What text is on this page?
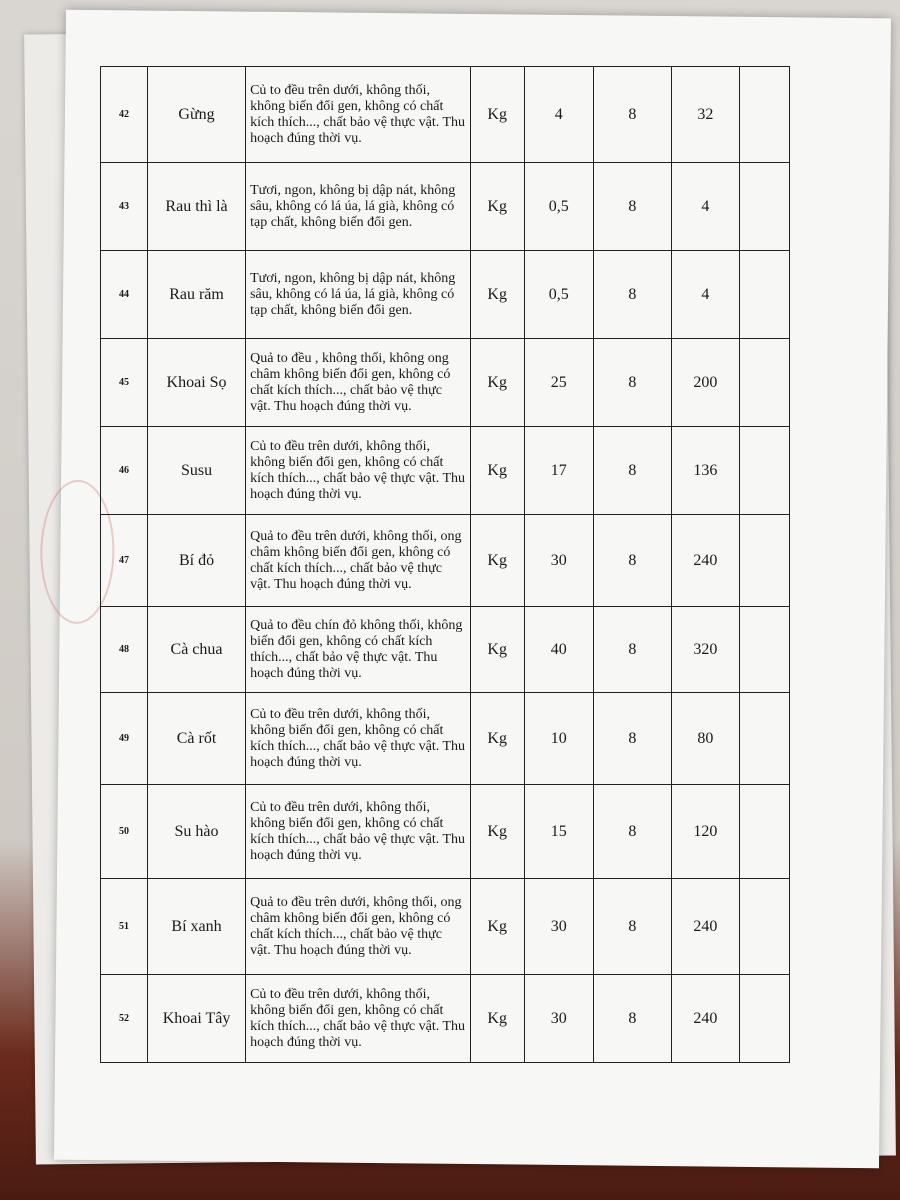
42	Gừng	Củ to đều trên dưới, không thối, không biến đổi gen, không có chất kích thích..., chất bảo vệ thực vật. Thu hoạch đúng thời vụ.	Kg	4	8	32	
43	Rau thì là	Tươi, ngon, không bị dập nát, không sâu, không có lá úa, lá già, không có tạp chất, không biến đổi gen.	Kg	0,5	8	4	
44	Rau răm	Tươi, ngon, không bị dập nát, không sâu, không có lá úa, lá già, không có tạp chất, không biến đổi gen.	Kg	0,5	8	4	
45	Khoai Sọ	Quả to đều , không thối, không ong châm không biến đổi gen, không có chất kích thích..., chất bảo vệ thực vật. Thu hoạch đúng thời vụ.	Kg	25	8	200	
46	Susu	Củ to đều trên dưới, không thối, không biến đổi gen, không có chất kích thích..., chất bảo vệ thực vật. Thu hoạch đúng thời vụ.	Kg	17	8	136	
47	Bí đỏ	Quả to đều trên dưới, không thối, ong châm không biến đổi gen, không có chất kích thích..., chất bảo vệ thực vật. Thu hoạch đúng thời vụ.	Kg	30	8	240	
48	Cà chua	Quả to đều chín đỏ không thối, không biến đổi gen, không có chất kích thích..., chất bảo vệ thực vật. Thu hoạch đúng thời vụ.	Kg	40	8	320	
49	Cà rốt	Củ to đều trên dưới, không thối, không biến đổi gen, không có chất kích thích..., chất bảo vệ thực vật. Thu hoạch đúng thời vụ.	Kg	10	8	80	
50	Su hào	Củ to đều trên dưới, không thối, không biến đổi gen, không có chất kích thích..., chất bảo vệ thực vật. Thu hoạch đúng thời vụ.	Kg	15	8	120	
51	Bí xanh	Quả to đều trên dưới, không thối, ong châm không biến đổi gen, không có chất kích thích..., chất bảo vệ thực vật. Thu hoạch đúng thời vụ.	Kg	30	8	240	
52	Khoai Tây	Củ to đều trên dưới, không thối, không biến đổi gen, không có chất kích thích..., chất bảo vệ thực vật. Thu hoạch đúng thời vụ.	Kg	30	8	240	
